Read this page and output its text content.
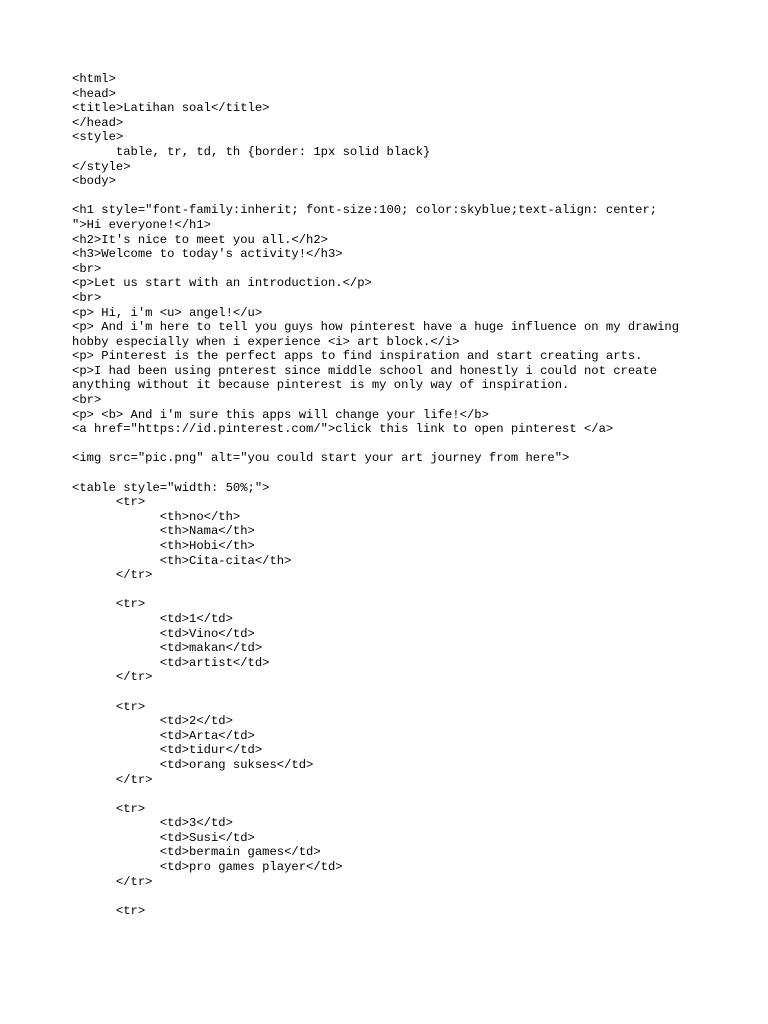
<html>
<head>
<title>Latihan soal</title>
</head>
<style>
table, tr, td, th {border: 1px solid black}
</style>
<body>
<h1 style="font-family:inherit; font-size:100; color:skyblue;text-align: center;
">Hi everyone!</h1>
<h2>It's nice to meet you all.</h2>
<h3>Welcome to today's activity!</h3>
<br>
<p>Let us start with an introduction.</p>
<br>
<p> Hi, i'm <u> angel!</u>
<p> And i'm here to tell you guys how pinterest have a huge influence on my drawing
hobby especially when i experience <i> art block.</i>
<p> Pinterest is the perfect apps to find inspiration and start creating arts.
<p>I had been using pnterest since middle school and honestly i could not create
anything without it because pinterest is my only way of inspiration.
<br>
<p> <b> And i'm sure this apps will change your life!</b>
<a href="https://id.pinterest.com/">click this link to open pinterest </a>
<img src="pic.png" alt="you could start your art journey from here">
<table style="width: 50%;">
<tr>
<th>no</th>
<th>Nama</th>
<th>Hobi</th>
<th>Cita-cita</th>
</tr>
<tr>
<td>1</td>
<td>Vino</td>
<td>makan</td>
<td>artist</td>
</tr>
<tr>
<td>2</td>
<td>Arta</td>
<td>tidur</td>
<td>orang sukses</td>
</tr>
<tr>
<td>3</td>
<td>Susi</td>
<td>bermain games</td>
<td>pro games player</td>
</tr>
<tr>
